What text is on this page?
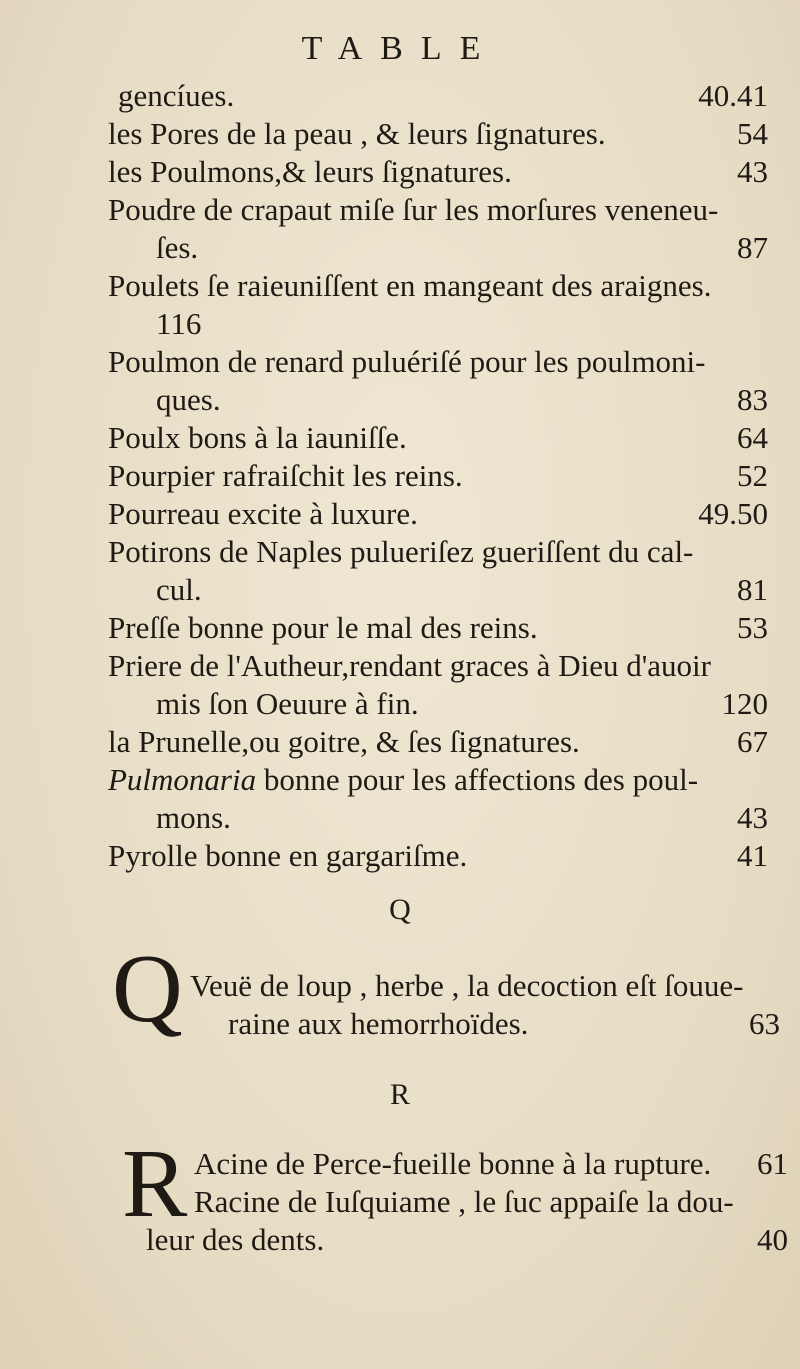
TABLE
gencíues.	40.41
les Pores de la peau , & leurs ſignatures.	54
les Poulmons,& leurs ſignatures.	43
Poudre de crapaut miſe ſur les morſures veneneu-
ſes.	87
Poulets ſe raieuniſſent en mangeant des araignes.
116
Poulmon de renard puluériſé pour les poulmoni-
ques.	83
Poulx bons à la iauniſſe.	64
Pourpier rafraiſchit les reins.	52
Pourreau excite à luxure.	49.50
Potirons de Naples pulueriſez gueriſſent du cal-
cul.	81
Preſſe bonne pour le mal des reins.	53
Priere de l'Autheur,rendant graces à Dieu d'auoir
mis ſon Oeuure à fin.	120
la Prunelle,ou goitre, & ſes ſignatures.	67
Pulmonaria bonne pour les affections des poul-
mons.	43
Pyrolle bonne en gargariſme.	41
Q
Q Veuë de loup , herbe , la decoction eſt ſouue-
raine aux hemorrhoïdes.	63
R
R Acine de Perce-fueille bonne à la rupture. 61
Racine de Iuſquiame , le ſuc appaiſe la dou-
leur des dents.	40
